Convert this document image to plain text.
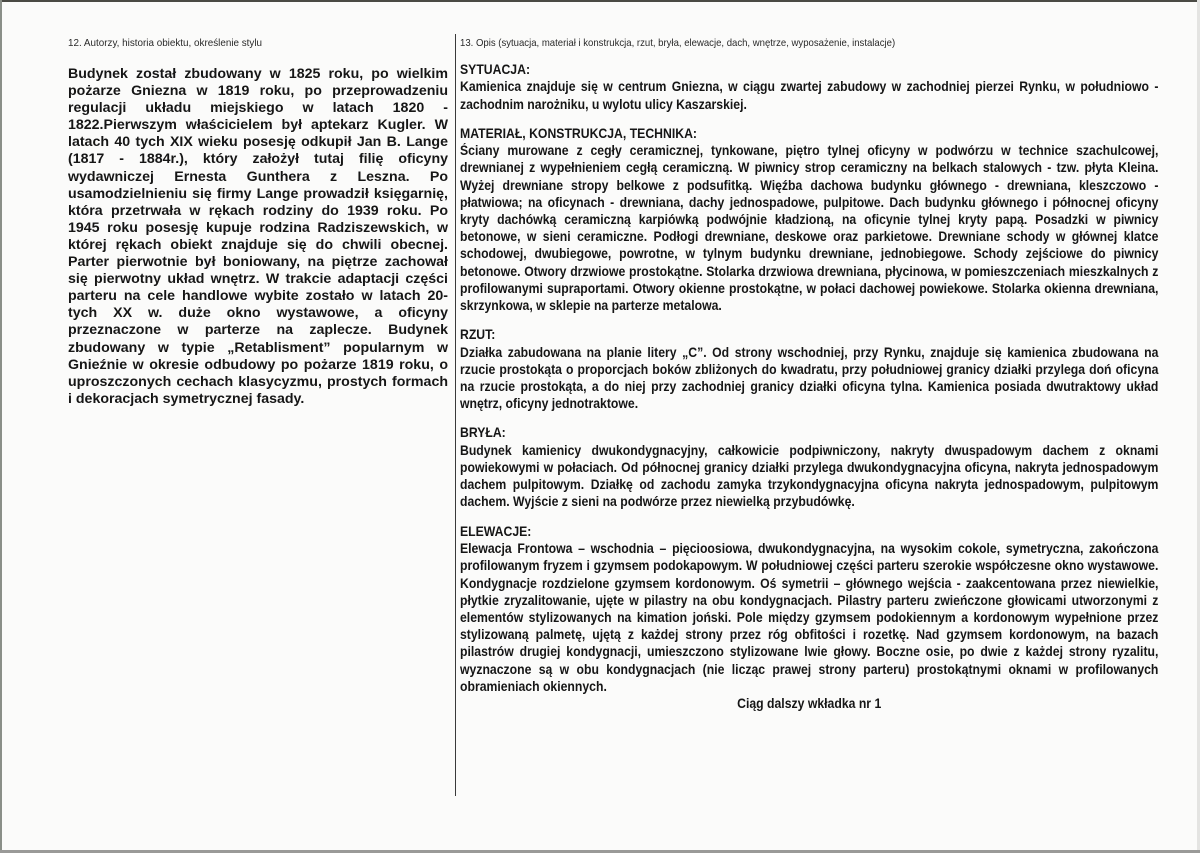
12. Autorzy, historia obiektu, określenie stylu
Budynek został zbudowany w 1825 roku, po wielkim pożarze Gniezna w 1819 roku, po przeprowadzeniu regulacji układu miejskiego w latach 1820 - 1822.Pierwszym właścicielem był aptekarz Kugler. W latach 40 tych XIX wieku posesję odkupił Jan B. Lange (1817 - 1884r.), który założył tutaj filię oficyny wydawniczej Ernesta Gunthera z Leszna. Po usamodzielnieniu się firmy Lange prowadził księgarnię, która przetrwała w rękach rodziny do 1939 roku. Po 1945 roku posesję kupuje rodzina Radziszewskich, w której rękach obiekt znajduje się do chwili obecnej. Parter pierwotnie był boniowany, na piętrze zachował się pierwotny układ wnętrz. W trakcie adaptacji części parteru na cele handlowe wybite zostało w latach 20-tych XX w. duże okno wystawowe, a oficyny przeznaczone w parterze na zaplecze. Budynek zbudowany w typie „Retablisment” popularnym w Gnieźnie w okresie odbudowy po pożarze 1819 roku, o uproszczonych cechach klasycyzmu, prostych formach i dekoracjach symetrycznej fasady.
13. Opis (sytuacja, materiał i konstrukcja, rzut, bryła, elewacje, dach, wnętrze, wyposażenie, instalacje)
SYTUACJA:
Kamienica znajduje się w centrum Gniezna, w ciągu zwartej zabudowy w zachodniej pierzei Rynku, w południowo - zachodnim narożniku, u wylotu ulicy Kaszarskiej.
MATERIAŁ, KONSTRUKCJA, TECHNIKA:
Ściany murowane z cegły ceramicznej, tynkowane, piętro tylnej oficyny w podwórzu w technice szachulcowej, drewnianej z wypełnieniem cegłą ceramiczną. W piwnicy strop ceramiczny na belkach stalowych - tzw. płyta Kleina. Wyżej drewniane stropy belkowe z podsufitką. Więźba dachowa budynku głównego - drewniana, kleszczowo - płatwiowa; na oficynach - drewniana, dachy jednospadowe, pulpitowe. Dach budynku głównego i północnej oficyny kryty dachówką ceramiczną karpiówką podwójnie kładzioną, na oficynie tylnej kryty papą. Posadzki w piwnicy betonowe, w sieni ceramiczne. Podłogi drewniane, deskowe oraz parkietowe. Drewniane schody w głównej klatce schodowej, dwubiegowe, powrotne, w tylnym budynku drewniane, jednobiegowe. Schody zejściowe do piwnicy betonowe. Otwory drzwiowe prostokątne. Stolarka drzwiowa drewniana, płycinowa, w pomieszczeniach mieszkalnych z profilowanymi supraportami. Otwory okienne prostokątne, w połaci dachowej powiekowe. Stolarka okienna drewniana, skrzynkowa, w sklepie na parterze metalowa.
RZUT:
Działka zabudowana na planie litery „C”. Od strony wschodniej, przy Rynku, znajduje się kamienica zbudowana na rzucie prostokąta o proporcjach boków zbliżonych do kwadratu, przy południowej granicy działki przylega doń oficyna na rzucie prostokąta, a do niej przy zachodniej granicy działki oficyna tylna. Kamienica posiada dwutraktowy układ wnętrz, oficyny jednotraktowe.
BRYŁA:
Budynek kamienicy dwukondygnacyjny, całkowicie podpiwniczony, nakryty dwuspadowym dachem z oknami powiekowymi w połaciach. Od północnej granicy działki przylega dwukondygnacyjna oficyna, nakryta jednospadowym dachem pulpitowym. Działkę od zachodu zamyka trzykondygnacyjna oficyna nakryta jednospadowym, pulpitowym dachem. Wyjście z sieni na podwórze przez niewielką przybudówkę.
ELEWACJE:
Elewacja Frontowa – wschodnia – pięcioosiowa, dwukondygnacyjna, na wysokim cokole, symetryczna, zakończona profilowanym fryzem i gzymsem podokapowym. W południowej części parteru szerokie współczesne okno wystawowe. Kondygnacje rozdzielone gzymsem kordonowym. Oś symetrii – głównego wejścia - zaakcentowana przez niewielkie, płytkie zryzalitowanie, ujęte w pilastry na obu kondygnacjach. Pilastry parteru zwieńczone głowicami utworzonymi z elementów stylizowanych na kimation joński. Pole między gzymsem podokiennym a kordonowym wypełnione przez stylizowaną palmetę, ujętą z każdej strony przez róg obfitości i rozetkę. Nad gzymsem kordonowym, na bazach pilastrów drugiej kondygnacji, umieszczono stylizowane lwie głowy. Boczne osie, po dwie z każdej strony ryzalitu, wyznaczone są w obu kondygnacjach (nie licząc prawej strony parteru) prostokątnymi oknami w profilowanych obramieniach okiennych.
Ciąg dalszy wkładka nr 1
